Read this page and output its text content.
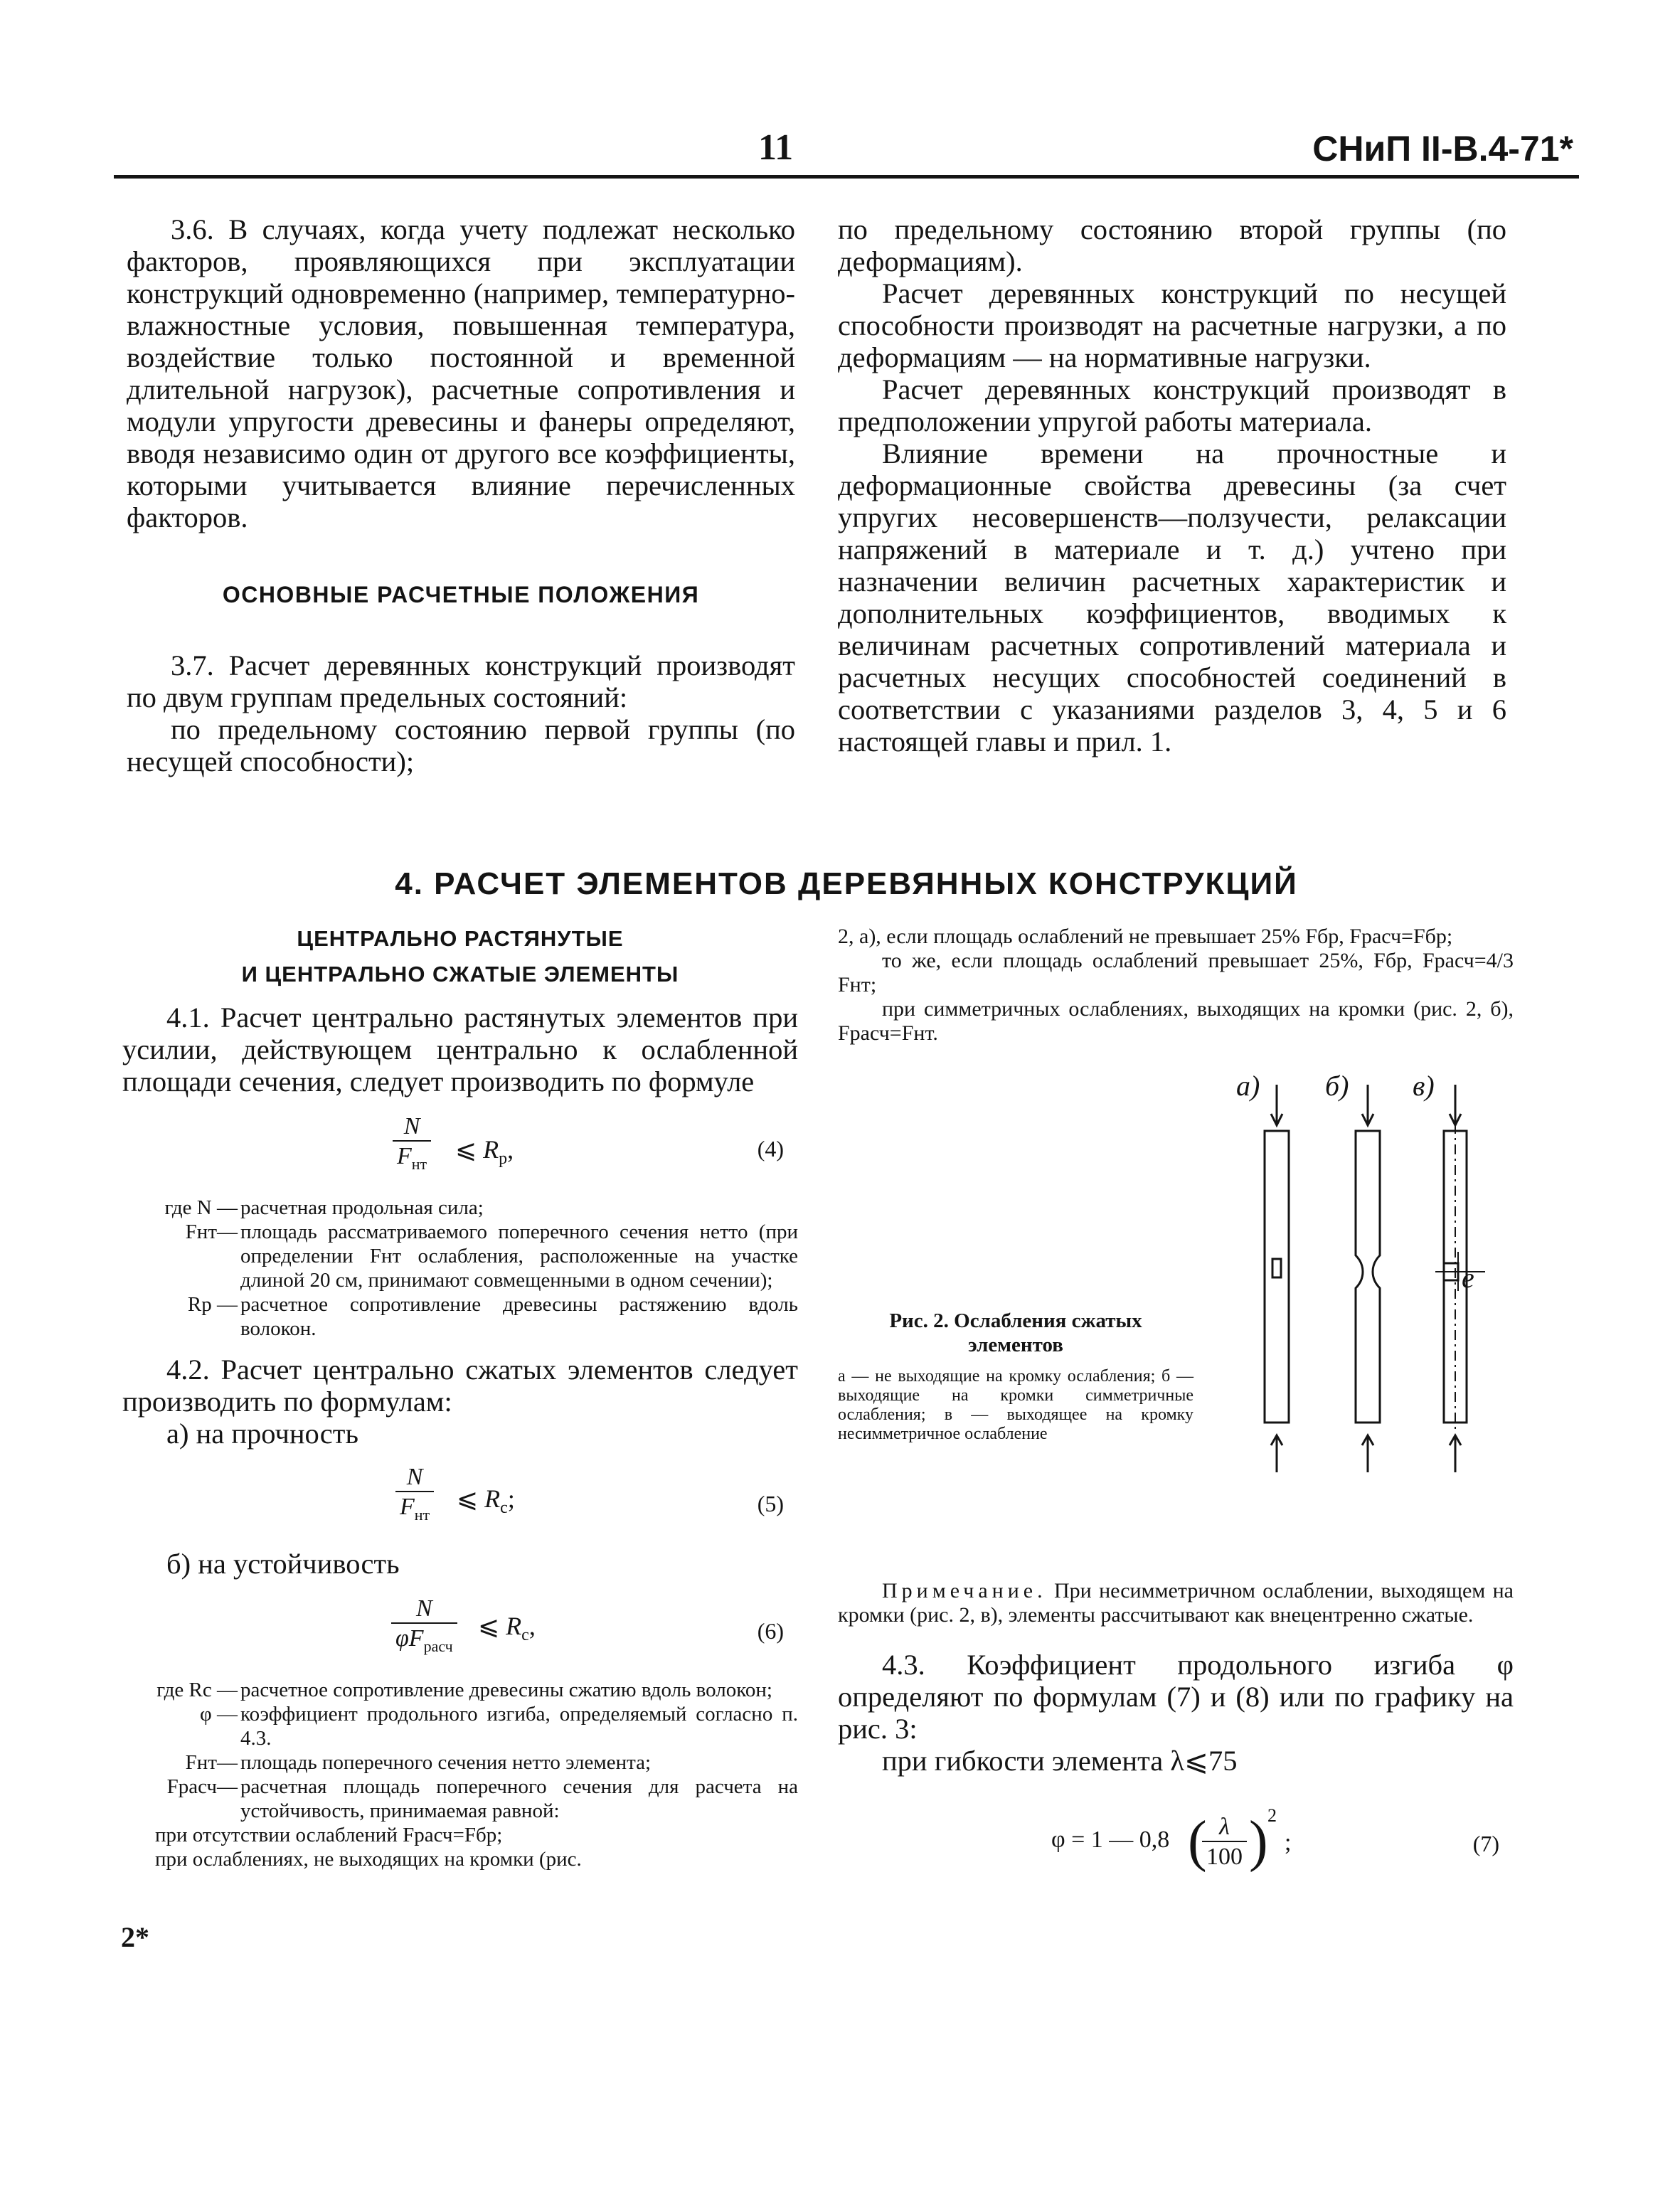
11	СНиП II-В.4-71*

3.6. В случаях, когда учету подлежат несколько факторов, проявляющихся при эксплуатации конструкций одновременно (например, температурно-влажностные условия, повышенная температура, воздействие только постоянной и временной длительной нагрузок), расчетные сопротивления и модули упругости древесины и фанеры определяют, вводя независимо один от другого все коэффициенты, которыми учитывается влияние перечисленных факторов.

ОСНОВНЫЕ РАСЧЕТНЫЕ ПОЛОЖЕНИЯ

3.7. Расчет деревянных конструкций производят по двум группам предельных состояний:

по предельному состоянию первой группы (по несущей способности);

по предельному состоянию второй группы (по деформациям).

Расчет деревянных конструкций по несущей способности производят на расчетные нагрузки, а по деформациям — на нормативные нагрузки.

Расчет деревянных конструкций производят в предположении упругой работы материала.

Влияние времени на прочностные и деформационные свойства древесины (за счет упругих несовершенств—ползучести, релаксации напряжений в материале и т. д.) учтено при назначении величин расчетных характеристик и дополнительных коэффициентов, вводимых к величинам расчетных сопротивлений материала и расчетных несущих способностей соединений в соответствии с указаниями разделов 3, 4, 5 и 6 настоящей главы и прил. 1.

4. РАСЧЕТ ЭЛЕМЕНТОВ ДЕРЕВЯННЫХ КОНСТРУКЦИЙ
ЦЕНТРАЛЬНО РАСТЯНУТЫЕ
И ЦЕНТРАЛЬНО СЖАТЫЕ ЭЛЕМЕНТЫ

4.1. Расчет центрально растянутых элементов при усилии, действующем центрально к ослабленной площади сечения, следует производить по формуле

N
$F_{нт}$
⩽ $R_р$,	(4)
где N — расчетная продольная сила;
Fнт— площадь рассматриваемого поперечного сечения нетто (при определении Fнт ослабления, расположенные на участке длиной 20 см, принимают совмещенными в одном сечении);
Rр — расчетное сопротивление древесины растяжению вдоль волокон.

4.2. Расчет центрально сжатых элементов следует производить по формулам:

а) на прочность

N
$F_{нт}$
⩽ $R_с$;	(5)

б) на устойчивость

N
$\varphi F_{расч}$
⩽ $R_с$,	(6)
где Rс — расчетное сопротивление древесины сжатию вдоль волокон;
φ — коэффициент продольного изгиба, определяемый согласно п. 4.3.
Fнт— площадь поперечного сечения нетто элемента;
Fрасч— расчетная площадь поперечного сечения для расчета на устойчивость, принимаемая равной:
при отсутствии ослаблений Fрасч=Fбр;
при ослаблениях, не выходящих на кромки (рис.
2*

2, а), если площадь ослаблений не превышает 25% Fбр, Fрасч=Fбр;

то же, если площадь ослаблений превышает 25%, Fбр, Fрасч=4/3 Fнт;

при симметричных ослаблениях, выходящих на кромки (рис. 2, б), Fрасч=Fнт.

а) б) в)
е
Рис. 2. Ослабления сжатых
элементов
а — не выходящие на кромку ослабления; б — выходящие на кромки симметричные ослабления; в — выходящее на кромку несимметричное ослабление

Примечание. При несимметричном ослаблении, выходящем на кромки (рис. 2, в), элементы рассчитывают как внецентренно сжатые.

4.3. Коэффициент продольного изгиба φ определяют по формулам (7) и (8) или по графику на рис. 3:

при гибкости элемента λ⩽75

φ = 1 — 0,8 (
$\frac{\lambda}{100}$ ) 2
;	(7)
